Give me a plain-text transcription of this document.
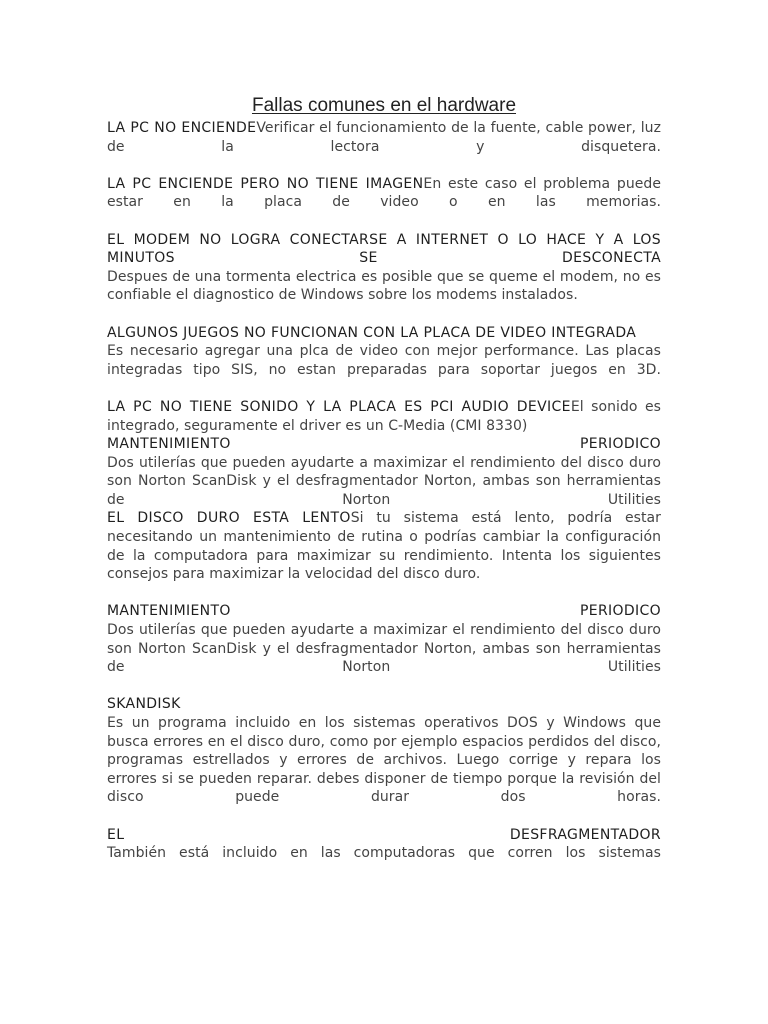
Fallas comunes en el hardware

LA PC NO ENCIENDEVerificar el funcionamiento de la fuente, cable power, luz de la lectora y disquetera.

LA PC ENCIENDE PERO NO TIENE IMAGENEn este caso el problema puede estar en la placa de video o en las memorias.

EL MODEM NO LOGRA CONECTARSE A INTERNET O LO HACE Y A LOS MINUTOS SE DESCONECTA
Despues de una tormenta electrica es posible que se queme el modem, no es confiable el diagnostico de Windows sobre los modems instalados.

ALGUNOS JUEGOS NO FUNCIONAN CON LA PLACA DE VIDEO INTEGRADA
Es necesario agregar una plca de video con mejor performance. Las placas integradas tipo SIS, no estan preparadas para soportar juegos en 3D.

LA PC NO TIENE SONIDO Y LA PLACA ES PCI AUDIO DEVICEEl sonido es integrado, seguramente el driver es un C-Media (CMI 8330)

MANTENIMIENTO PERIODICO
Dos utilerías que pueden ayudarte a maximizar el rendimiento del disco duro son Norton ScanDisk y el desfragmentador Norton, ambas son herramientas de Norton Utilities

EL DISCO DURO ESTA LENTOSi tu sistema está lento, podría estar necesitando un mantenimiento de rutina o podrías cambiar la configuración de la computadora para maximizar su rendimiento. Intenta los siguientes consejos para maximizar la velocidad del disco duro.

MANTENIMIENTO PERIODICO
Dos utilerías que pueden ayudarte a maximizar el rendimiento del disco duro son Norton ScanDisk y el desfragmentador Norton, ambas son herramientas de Norton Utilities

SKANDISK
Es un programa incluido en los sistemas operativos DOS y Windows que busca errores en el disco duro, como por ejemplo espacios perdidos del disco, programas estrellados y errores de archivos. Luego corrige y repara los errores si se pueden reparar. debes disponer de tiempo porque la revisión del disco puede durar dos horas.

EL DESFRAGMENTADOR
También está incluido en las computadoras que corren los sistemas
